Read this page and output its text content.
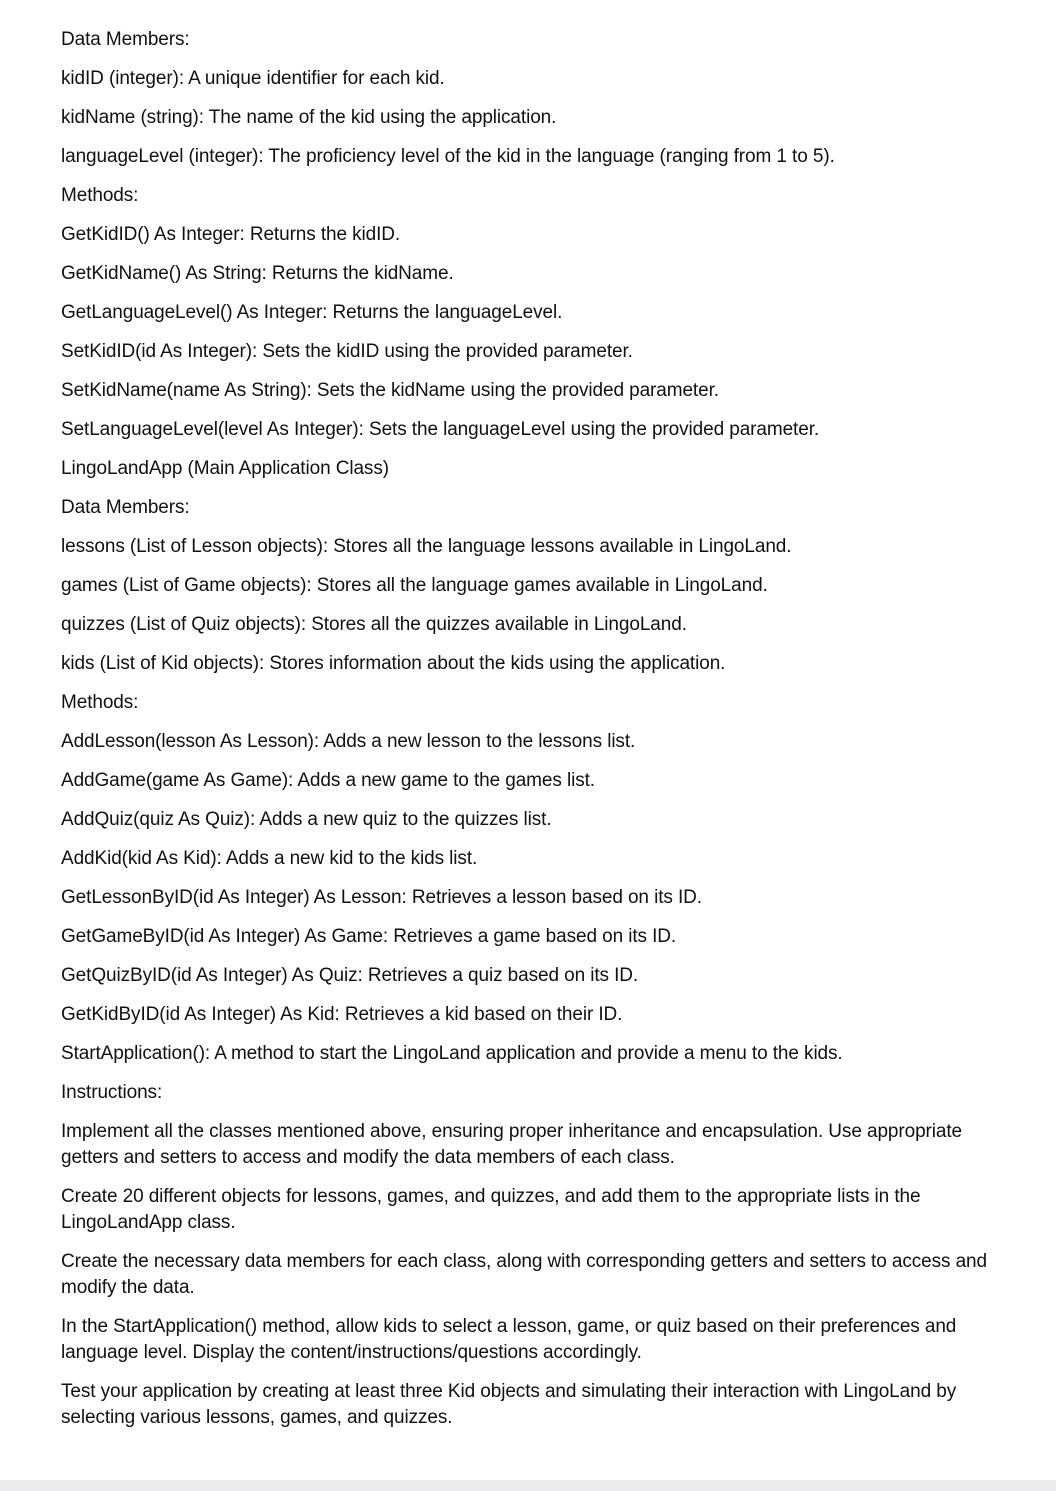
Data Members:
kidID (integer): A unique identifier for each kid.
kidName (string): The name of the kid using the application.
languageLevel (integer): The proficiency level of the kid in the language (ranging from 1 to 5).
Methods:
GetKidID() As Integer: Returns the kidID.
GetKidName() As String: Returns the kidName.
GetLanguageLevel() As Integer: Returns the languageLevel.
SetKidID(id As Integer): Sets the kidID using the provided parameter.
SetKidName(name As String): Sets the kidName using the provided parameter.
SetLanguageLevel(level As Integer): Sets the languageLevel using the provided parameter.
LingoLandApp (Main Application Class)
Data Members:
lessons (List of Lesson objects): Stores all the language lessons available in LingoLand.
games (List of Game objects): Stores all the language games available in LingoLand.
quizzes (List of Quiz objects): Stores all the quizzes available in LingoLand.
kids (List of Kid objects): Stores information about the kids using the application.
Methods:
AddLesson(lesson As Lesson): Adds a new lesson to the lessons list.
AddGame(game As Game): Adds a new game to the games list.
AddQuiz(quiz As Quiz): Adds a new quiz to the quizzes list.
AddKid(kid As Kid): Adds a new kid to the kids list.
GetLessonByID(id As Integer) As Lesson: Retrieves a lesson based on its ID.
GetGameByID(id As Integer) As Game: Retrieves a game based on its ID.
GetQuizByID(id As Integer) As Quiz: Retrieves a quiz based on its ID.
GetKidByID(id As Integer) As Kid: Retrieves a kid based on their ID.
StartApplication(): A method to start the LingoLand application and provide a menu to the kids.
Instructions:
Implement all the classes mentioned above, ensuring proper inheritance and encapsulation. Use appropriate getters and setters to access and modify the data members of each class.
Create 20 different objects for lessons, games, and quizzes, and add them to the appropriate lists in the LingoLandApp class.
Create the necessary data members for each class, along with corresponding getters and setters to access and modify the data.
In the StartApplication() method, allow kids to select a lesson, game, or quiz based on their preferences and language level. Display the content/instructions/questions accordingly.
Test your application by creating at least three Kid objects and simulating their interaction with LingoLand by selecting various lessons, games, and quizzes.
